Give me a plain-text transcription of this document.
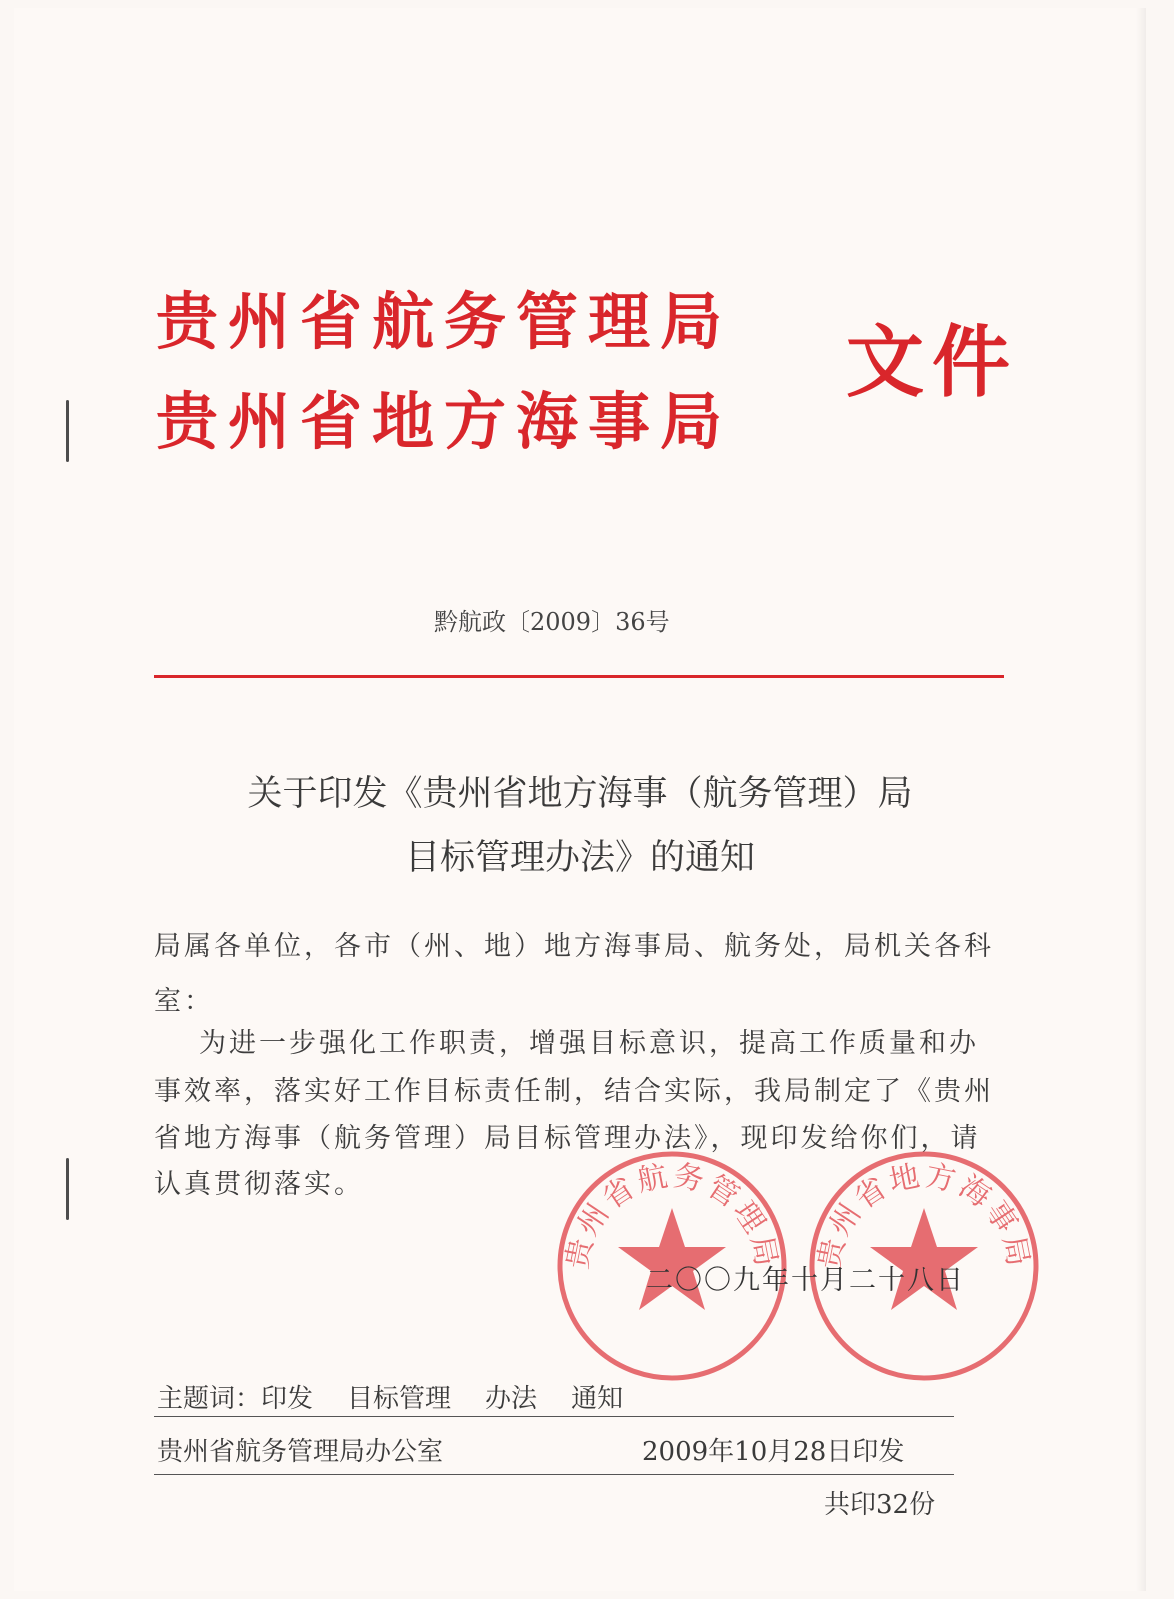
贵州省航务管理局
贵州省地方海事局
文件
黔航政〔2009〕36号
关于印发《贵州省地方海事（航务管理）局
目标管理办法》的通知
局属各单位，各市（州、地）地方海事局、航务处，局机关各科
室：
为进一步强化工作职责，增强目标意识，提高工作质量和办
事效率，落实好工作目标责任制，结合实际，我局制定了《贵州
省地方海事（航务管理）局目标管理办法》，现印发给你们，请
认真贯彻落实。
贵州省航务管理局 贵州省地方海事局
二〇〇九年十月二十八日
主题词：印发 目标管理 办法 通知
贵州省航务管理局办公室	2009年10月28日印发
共印32份
